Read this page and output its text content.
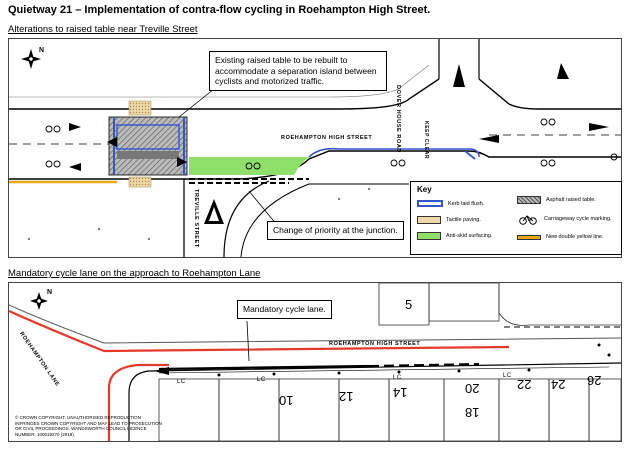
Quietway 21 – Implementation of contra-flow cycling in Roehampton High Street.
Alterations to raised table near Treville Street
ROEHAMPTON HIGH STREET	DOVER HOUSE ROAD
TREVILLE STREET
KEEP CLEAR
N
Existing raised table to be rebuilt to accommodate a separation island between cyclists and motorized traffic.
Change of priority at the junction.
Key
Kerb laid flush.
Tactile paving.
Anti-skid surfacing.
Asphalt raised table.
Carriageway cycle marking.
New double yellow line.
Mandatory cycle lane on the approach to Roehampton Lane
ROEHAMPTON HIGH STREET
ROEHAMPTON LANE
N
Mandatory cycle lane.	5
10	12	14
18
20	22 24 26
LC	LC	LC	LC
© CROWN COPYRIGHT. UNAUTHORISED REPRODUCTION INFRINGES CROWN COPYRIGHT AND MAY LEAD TO PROSECUTION OR CIVIL PROCEEDINGS. WANDSWORTH COUNCIL LICENCE NUMBER: 100019270 (2018)
